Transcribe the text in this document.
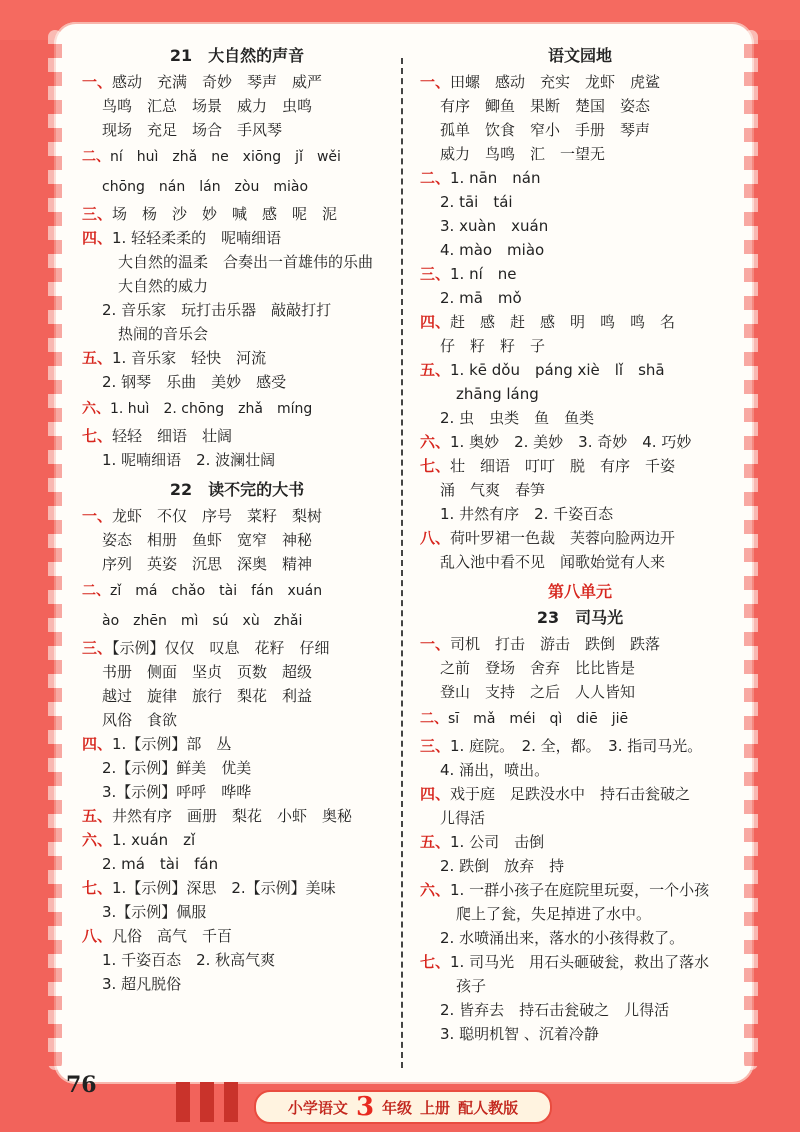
21　大自然的声音
一、感动　充满　奇妙　琴声　威严
鸟鸣　汇总　场景　威力　虫鸣
现场　充足　场合　手风琴
二、ní　huì　zhǎ　ne　xiōng　jǐ　wěi
chōng　nán　lán　zòu　miào
三、场　杨　沙　妙　喊　感　呢　泥
四、1. 轻轻柔柔的　呢喃细语
大自然的温柔　合奏出一首雄伟的乐曲
大自然的威力
2. 音乐家　玩打击乐器　敲敲打打
热闹的音乐会
五、1. 音乐家　轻快　河流
2. 钢琴　乐曲　美妙　感受
六、1. huì　2. chōng　zhǎ　míng
七、轻轻　细语　壮阔
1. 呢喃细语　2. 波澜壮阔
22　读不完的大书
一、龙虾　不仅　序号　菜籽　梨树
姿态　相册　鱼虾　宽窄　神秘
序列　英姿　沉思　深奥　精神
二、zǐ　má　chǎo　tài　fán　xuán
ào　zhēn　mì　sú　xù　zhǎi
三、【示例】仅仅　叹息　花籽　仔细
书册　侧面　坚贞　页数　超级
越过　旋律　旅行　梨花　利益
风俗　食欲
四、1.【示例】部　丛
2.【示例】鲜美　优美
3.【示例】呼呼　哗哗
五、井然有序　画册　梨花　小虾　奥秘
六、1. xuán　zǐ
2. má　tài　fán
七、1.【示例】深思　2.【示例】美味
3.【示例】佩服
八、凡俗　高气　千百
1. 千姿百态　2. 秋高气爽
3. 超凡脱俗
语文园地
一、田螺　感动　充实　龙虾　虎鲨
有序　鲫鱼　果断　楚国　姿态
孤单　饮食　窄小　手册　琴声
威力　鸟鸣　汇　一望无
二、1. nān　nán
2. tāi　tái
3. xuàn　xuán
4. mào　miào
三、1. ní　ne
2. mā　mǒ
四、赶　感　赶　感　明　鸣　鸣　名
仔　籽　籽　子
五、1. kē dǒu　páng xiè　lǐ　shā
zhāng láng
2. 虫　虫类　鱼　鱼类
六、1. 奥妙　2. 美妙　3. 奇妙　4. 巧妙
七、壮　细语　叮叮　脱　有序　千姿
涌　气爽　春笋
1. 井然有序　2. 千姿百态
八、荷叶罗裙一色裁　芙蓉向脸两边开
乱入池中看不见　闻歌始觉有人来
第八单元
23　司马光
一、司机　打击　游击　跌倒　跌落
之前　登场　舍弃　比比皆是
登山　支持　之后　人人皆知
二、sī　mǎ　méi　qì　diē　jiē
三、1. 庭院。　2. 全，都。　3. 指司马光。
4. 涌出，喷出。
四、戏于庭　足跌没水中　持石击瓮破之
儿得活
五、1. 公司　击倒
2. 跌倒　放弃　持
六、1. 一群小孩子在庭院里玩耍，一个小孩
爬上了瓮，失足掉进了水中。
2. 水喷涌出来，落水的小孩得救了。
七、1. 司马光　用石头砸破瓮，救出了落水
孩子
2. 皆弃去　持石击瓮破之　儿得活
3. 聪明机智 、沉着冷静
76
小学语文 3 年级 上册 配人教版
